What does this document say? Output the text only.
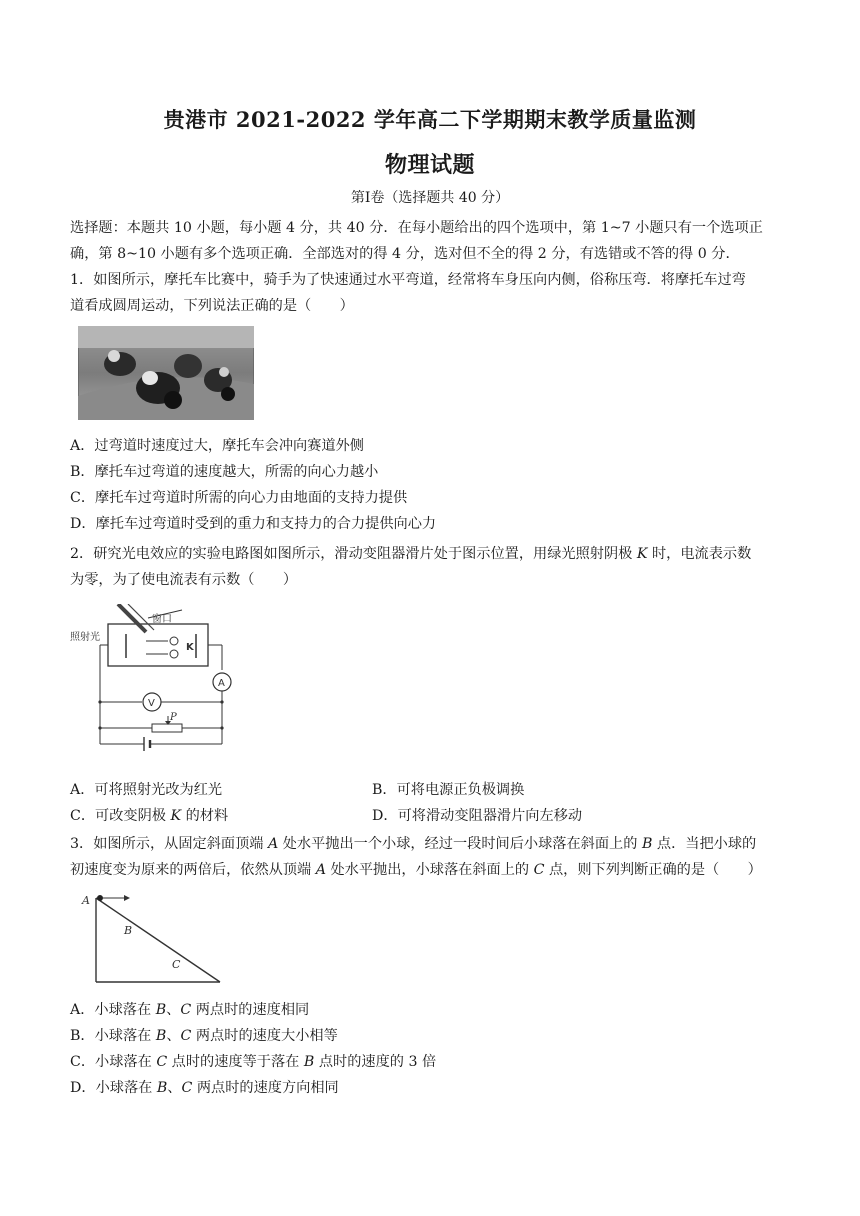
贵港市 2021-2022 学年高二下学期期末教学质量监测
物理试题
第Ⅰ卷（选择题共 40 分）
选择题：本题共 10 小题，每小题 4 分，共 40 分．在每小题给出的四个选项中，第 1~7 小题只有一个选项正
确，第 8~10 小题有多个选项正确．全部选对的得 4 分，选对但不全的得 2 分，有选错或不答的得 0 分．
1．如图所示，摩托车比赛中，骑手为了快速通过水平弯道，经常将车身压向内侧，俗称压弯．将摩托车过弯
道看成圆周运动，下列说法正确的是（　　）
A．过弯道时速度过大，摩托车会冲向赛道外侧
B．摩托车过弯道的速度越大，所需的向心力越小
C．摩托车过弯道时所需的向心力由地面的支持力提供
D．摩托车过弯道时受到的重力和支持力的合力提供向心力
2．研究光电效应的实验电路图如图所示，滑动变阻器滑片处于图示位置，用绿光照射阴极 K 时，电流表示数
为零，为了使电流表有示数（　　）
照射光
窗口
K
A
V
P
A．可将照射光改为红光	B．可将电源正负极调换
C．可改变阴极 K 的材料	D．可将滑动变阻器滑片向左移动
3．如图所示，从固定斜面顶端 A 处水平抛出一个小球，经过一段时间后小球落在斜面上的 B 点．当把小球的
初速度变为原来的两倍后，依然从顶端 A 处水平抛出，小球落在斜面上的 C 点，则下列判断正确的是（　　）
A
B
C
A．小球落在 B、C 两点时的速度相同
B．小球落在 B、C 两点时的速度大小相等
C．小球落在 C 点时的速度等于落在 B 点时的速度的 3 倍
D．小球落在 B、C 两点时的速度方向相同
